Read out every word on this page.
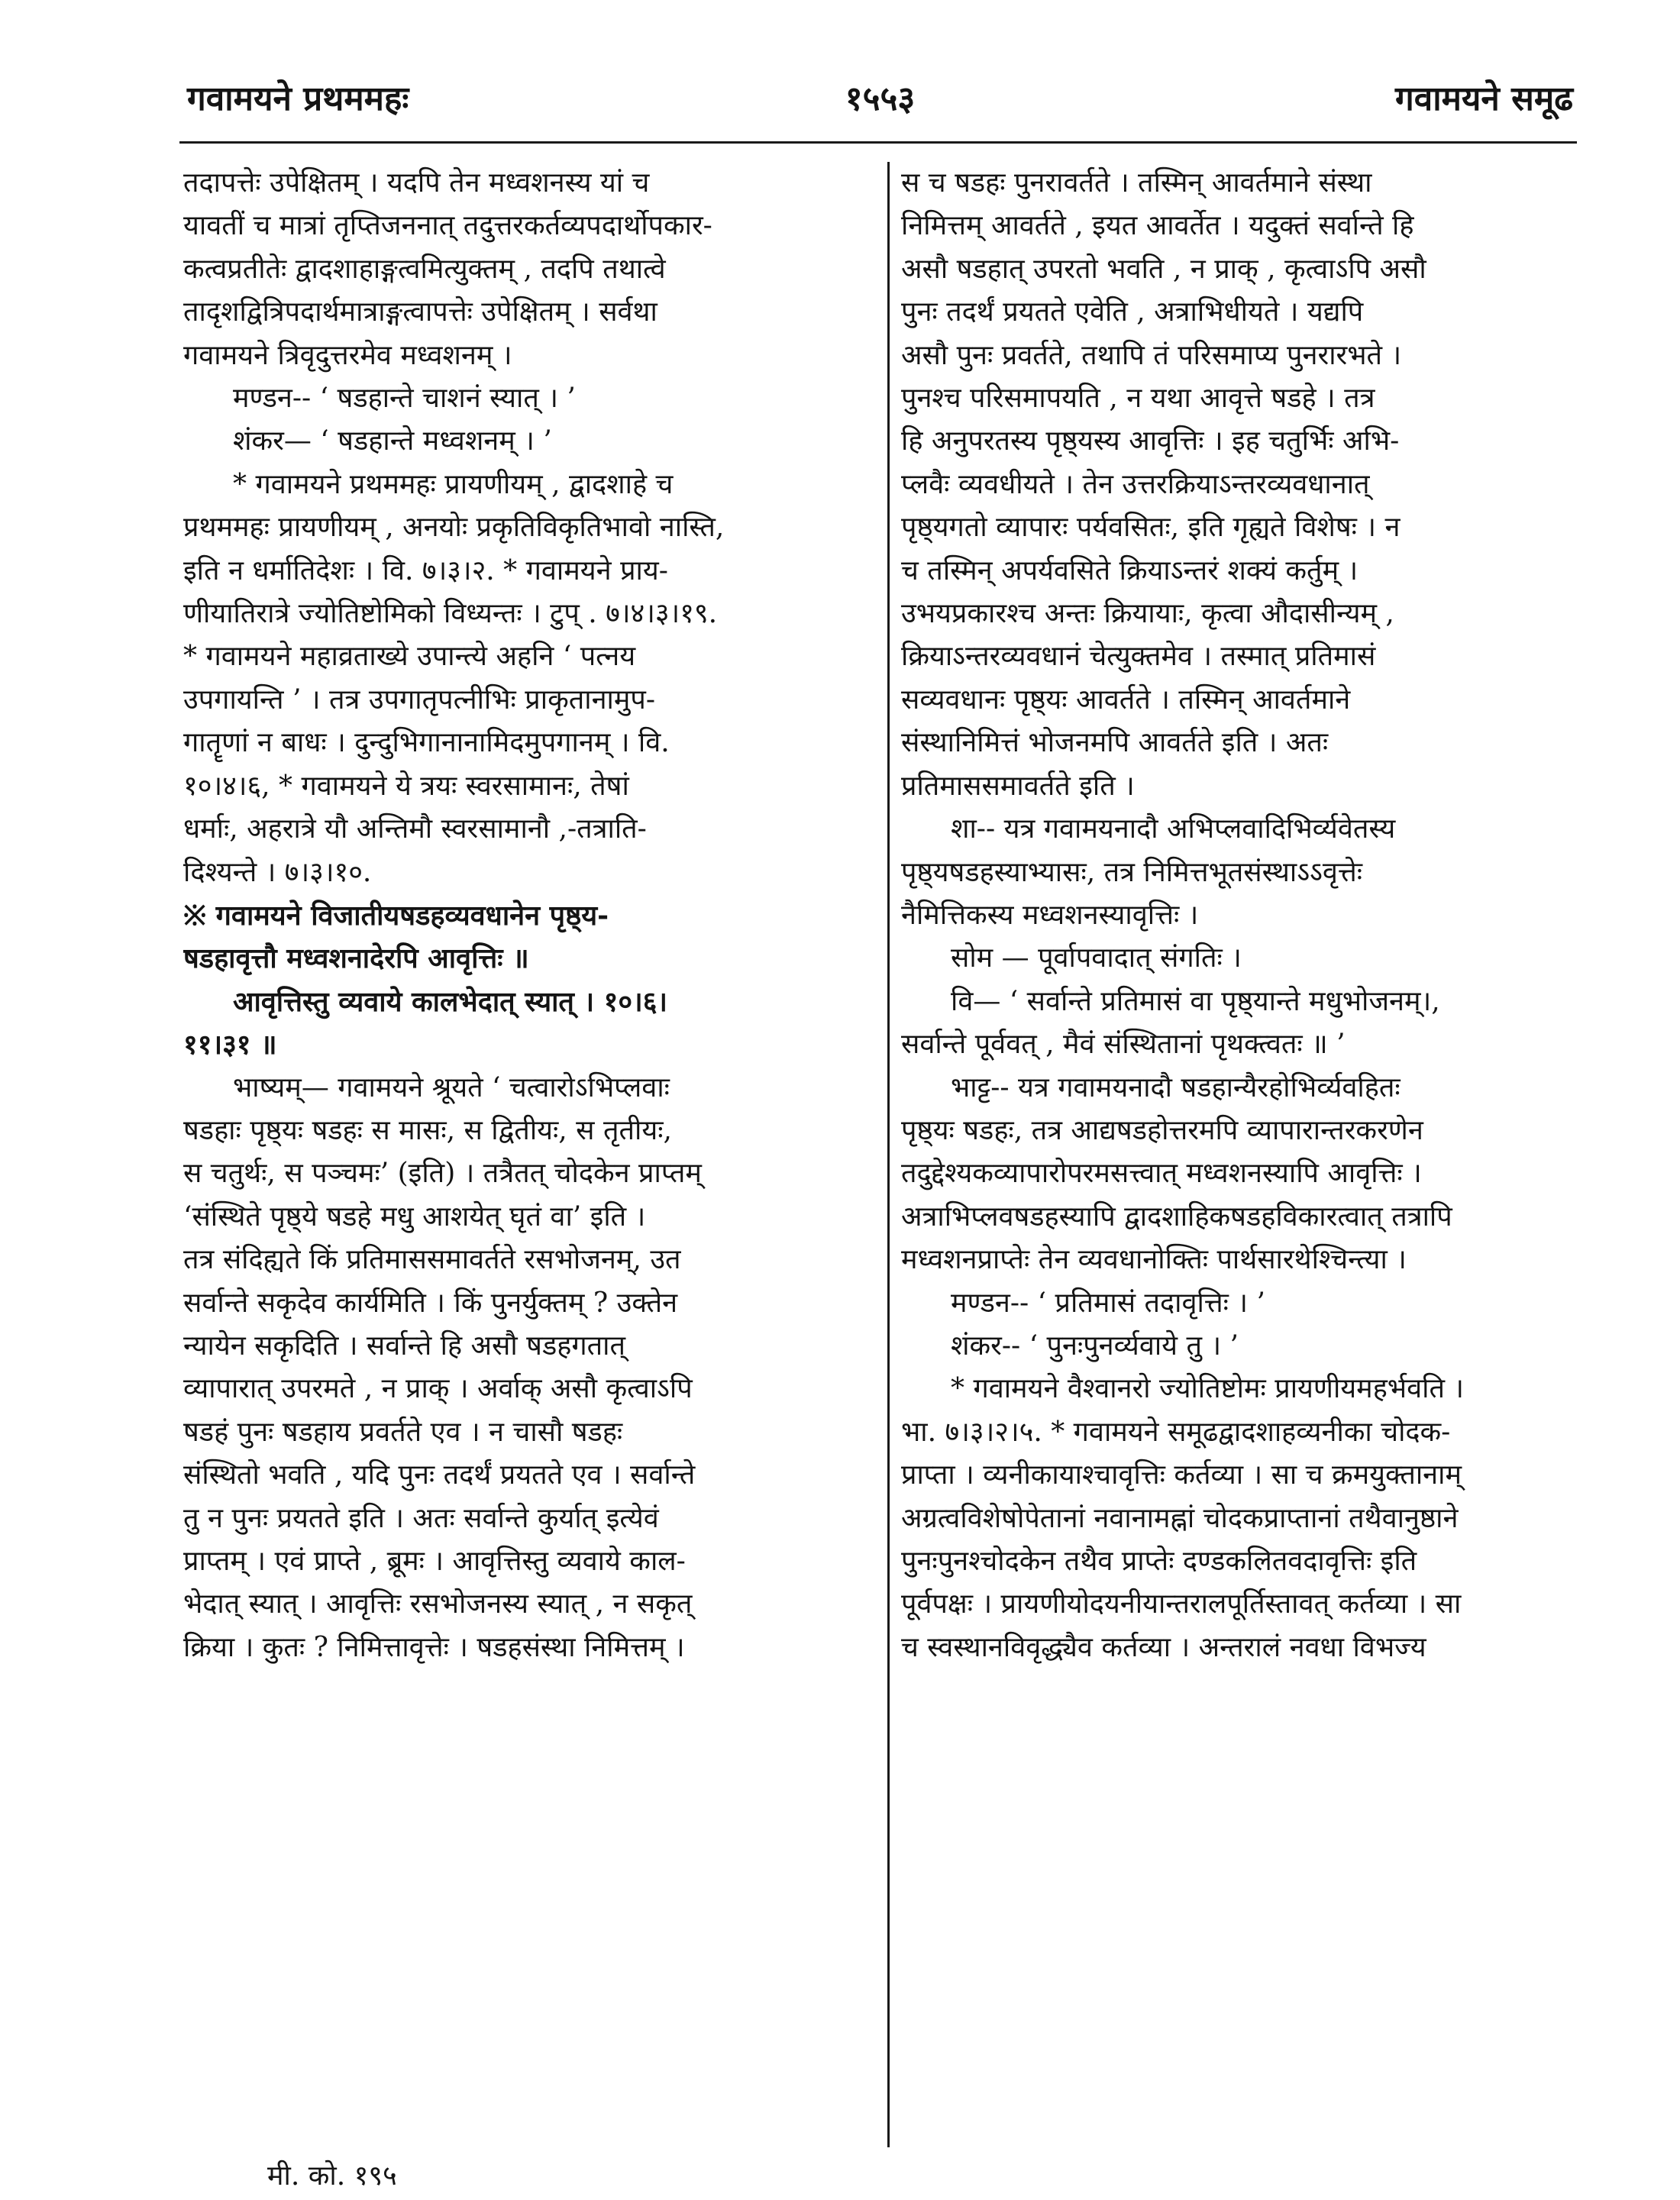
गवामयने प्रथममहः	१५५३	गवामयने समूढ

तदापत्तेः उपेक्षितम् । यदपि तेन मध्वशनस्य यां च

यावतीं च मात्रां तृप्तिजननात् तदुत्तरकर्तव्यपदार्थोपकार-

कत्वप्रतीतेः द्वादशाहाङ्गत्वमित्युक्तम् , तदपि तथात्वे

तादृशद्वित्रिपदार्थमात्राङ्गत्वापत्तेः उपेक्षितम् । सर्वथा

गवामयने त्रिवृदुत्तरमेव मध्वशनम् ।

मण्डन-- ‘ षडहान्ते चाशनं स्यात् । ’

शंकर— ‘ षडहान्ते मध्वशनम् । ’

* गवामयने प्रथममहः प्रायणीयम् , द्वादशाहे च

प्रथममहः प्रायणीयम् , अनयोः प्रकृतिविकृतिभावो नास्ति,

इति न धर्मातिदेशः । वि. ७।३।२. * गवामयने प्राय-

णीयातिरात्रे ज्योतिष्टोमिको विध्यन्तः । टुप् . ७।४।३।१९.

* गवामयने महाव्रताख्ये उपान्त्ये अहनि ‘ पत्नय

उपगायन्ति ’ । तत्र उपगातृपत्नीभिः प्राकृतानामुप-

गातॄणां न बाधः । दुन्दुभिगानानामिदमुपगानम् । वि.

१०।४।६, * गवामयने ये त्रयः स्वरसामानः, तेषां

धर्माः, अहरात्रे यौ अन्तिमौ स्वरसामानौ ,-तत्राति-

दिश्यन्ते । ७।३।१०.

※ गवामयने विजातीयषडहव्यवधानेन पृष्ठ्य-

षडहावृत्तौ मध्वशनादेरपि आवृत्तिः ॥

आवृत्तिस्तु व्यवाये कालभेदात् स्यात् । १०।६।

११।३१ ॥

भाष्यम्— गवामयने श्रूयते ‘ चत्वारोऽभिप्लवाः

षडहाः पृष्ठ्यः षडहः स मासः, स द्वितीयः, स तृतीयः,

स चतुर्थः, स पञ्चमः’ (इति) । तत्रैतत् चोदकेन प्राप्तम्

‘संस्थिते पृष्ठ्ये षडहे मधु आशयेत् घृतं वा’ इति ।

तत्र संदिह्यते किं प्रतिमाससमावर्तते रसभोजनम्, उत

सर्वान्ते सकृदेव कार्यमिति । किं पुनर्युक्तम् ? उक्तेन

न्यायेन सकृदिति । सर्वान्ते हि असौ षडहगतात्

व्यापारात् उपरमते , न प्राक् । अर्वाक् असौ कृत्वाऽपि

षडहं पुनः षडहाय प्रवर्तते एव । न चासौ षडहः

संस्थितो भवति , यदि पुनः तदर्थं प्रयतते एव । सर्वान्ते

तु न पुनः प्रयतते इति । अतः सर्वान्ते कुर्यात् इत्येवं

प्राप्तम् । एवं प्राप्ते , ब्रूमः । आवृत्तिस्तु व्यवाये काल-

भेदात् स्यात् । आवृत्तिः रसभोजनस्य स्यात् , न सकृत्

क्रिया । कुतः ? निमित्तावृत्तेः । षडहसंस्था निमित्तम् ।

स च षडहः पुनरावर्तते । तस्मिन् आवर्तमाने संस्था

निमित्तम् आवर्तते , इयत आवर्तेत । यदुक्तं सर्वान्ते हि

असौ षडहात् उपरतो भवति , न प्राक् , कृत्वाऽपि असौ

पुनः तदर्थं प्रयतते एवेति , अत्राभिधीयते । यद्यपि

असौ पुनः प्रवर्तते, तथापि तं परिसमाप्य पुनरारभते ।

पुनश्च परिसमापयति , न यथा आवृत्ते षडहे । तत्र

हि अनुपरतस्य पृष्ठ्यस्य आवृत्तिः । इह चतुर्भिः अभि-

प्लवैः व्यवधीयते । तेन उत्तरक्रियाऽन्तरव्यवधानात्

पृष्ठ्यगतो व्यापारः पर्यवसितः, इति गृह्यते विशेषः । न

च तस्मिन् अपर्यवसिते क्रियाऽन्तरं शक्यं कर्तुम् ।

उभयप्रकारश्च अन्तः क्रियायाः, कृत्वा औदासीन्यम् ,

क्रियाऽन्तरव्यवधानं चेत्युक्तमेव । तस्मात् प्रतिमासं

सव्यवधानः पृष्ठ्यः आवर्तते । तस्मिन् आवर्तमाने

संस्थानिमित्तं भोजनमपि आवर्तते इति । अतः

प्रतिमाससमावर्तते इति ।

शा-- यत्र गवामयनादौ अभिप्लवादिभिर्व्यवेतस्य

पृष्ठ्यषडहस्याभ्यासः, तत्र निमित्तभूतसंस्थाऽऽवृत्तेः

नैमित्तिकस्य मध्वशनस्यावृत्तिः ।

सोम — पूर्वापवादात् संगतिः ।

वि— ‘ सर्वान्ते प्रतिमासं वा पृष्ठ्यान्ते मधुभोजनम्।,

सर्वान्ते पूर्ववत् , मैवं संस्थितानां पृथक्त्वतः ॥ ’

भाट्ट-- यत्र गवामयनादौ षडहान्यैरहोभिर्व्यवहितः

पृष्ठ्यः षडहः, तत्र आद्यषडहोत्तरमपि व्यापारान्तरकरणेन

तदुद्देश्यकव्यापारोपरमसत्त्वात् मध्वशनस्यापि आवृत्तिः ।

अत्राभिप्लवषडहस्यापि द्वादशाहिकषडहविकारत्वात् तत्रापि

मध्वशनप्राप्तेः तेन व्यवधानोक्तिः पार्थसारथेश्चिन्त्या ।

मण्डन-- ‘ प्रतिमासं तदावृत्तिः । ’

शंकर-- ‘ पुनःपुनर्व्यवाये तु । ’

* गवामयने वैश्वानरो ज्योतिष्टोमः प्रायणीयमहर्भवति ।

भा. ७।३।२।५. * गवामयने समूढद्वादशाहव्यनीका चोदक-

प्राप्ता । व्यनीकायाश्चावृत्तिः कर्तव्या । सा च क्रमयुक्तानाम्

अग्रत्वविशेषोपेतानां नवानामह्नां चोदकप्राप्तानां तथैवानुष्ठाने

पुनःपुनश्चोदकेन तथैव प्राप्तेः दण्डकलितवदावृत्तिः इति

पूर्वपक्षः । प्रायणीयोदयनीयान्तरालपूर्तिस्तावत् कर्तव्या । सा

च स्वस्थानविवृद्ध्यैव कर्तव्या । अन्तरालं नवधा विभज्य

मी. को. १९५
